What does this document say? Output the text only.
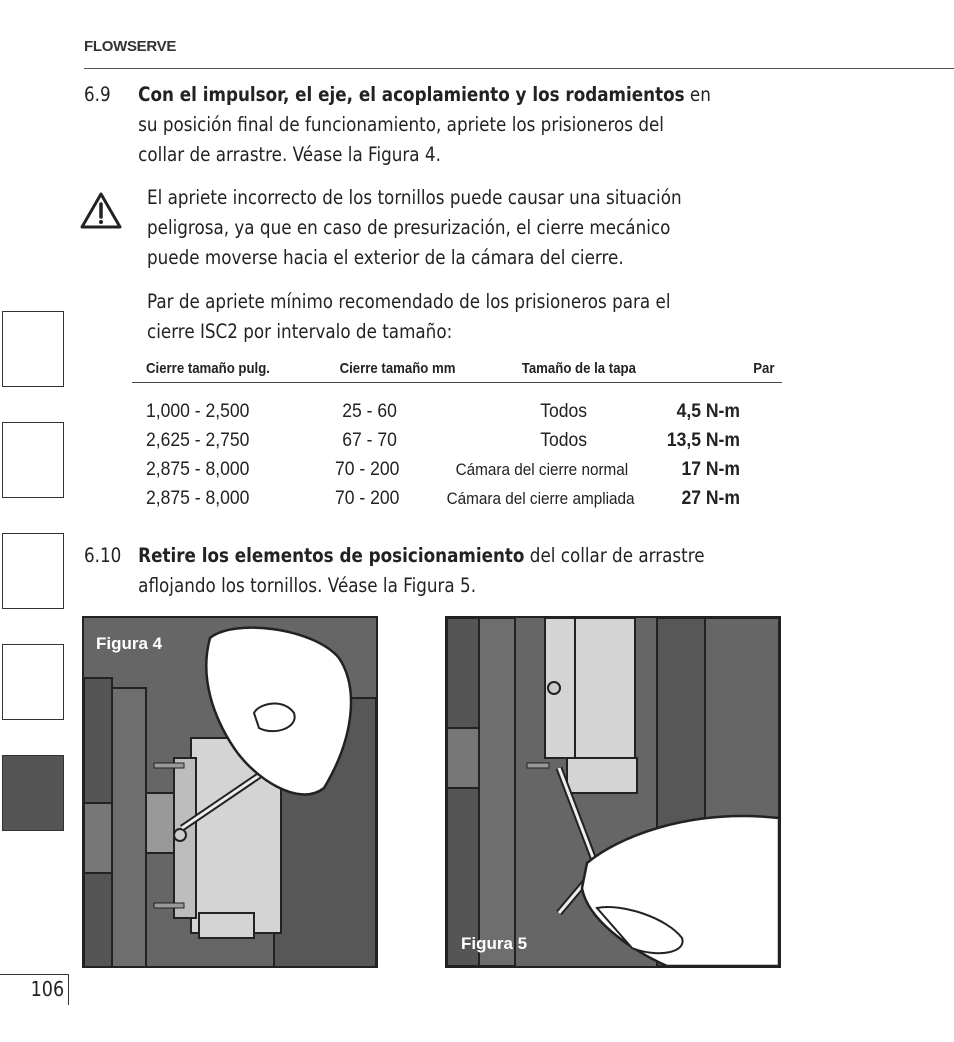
FLOWSERVE
6.9 Con el impulsor, el eje, el acoplamiento y los rodamientos en
su posición final de funcionamiento, apriete los prisioneros del
collar de arrastre. Véase la Figura 4.
El apriete incorrecto de los tornillos puede causar una situación
peligrosa, ya que en caso de presurización, el cierre mecánico
puede moverse hacia el exterior de la cámara del cierre.
Par de apriete mínimo recomendado de los prisioneros para el
cierre ISC2 por intervalo de tamaño:
Cierre tamaño pulg.	Cierre tamaño mm	Tamaño de la tapa	Par
1,000 - 2,500	25 - 60	Todos	4,5 N-m
2,625 - 2,750	67 - 70	Todos	13,5 N-m
2,875 - 8,000	70 - 200	Cámara del cierre normal	17 N-m
2,875 - 8,000	70 - 200	Cámara del cierre ampliada 27 N-m
6.10 Retire los elementos de posicionamiento del collar de arrastre
aflojando los tornillos. Véase la Figura 5.
Figura 4
Figura 5
106
